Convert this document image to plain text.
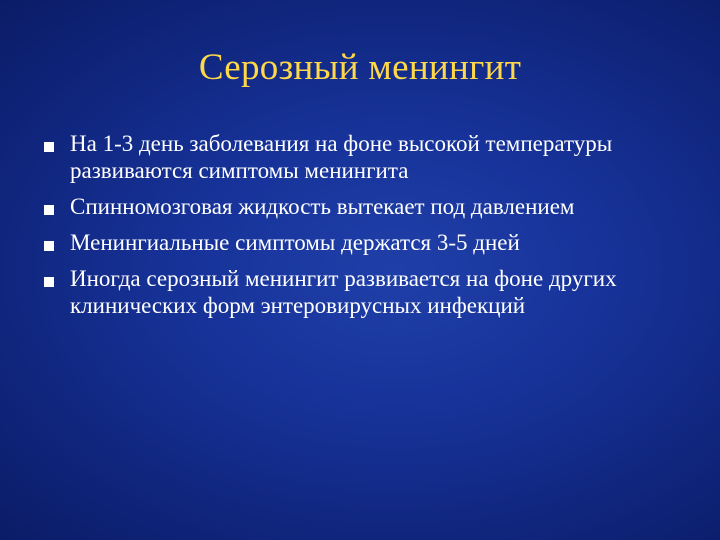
Серозный менингит
На 1-3 день заболевания на фоне высокой температуры развиваются симптомы менингита
Спинномозговая жидкость вытекает под давлением
Менингиальные симптомы держатся 3-5 дней
Иногда серозный менингит развивается на фоне других клинических форм энтеровирусных инфекций
